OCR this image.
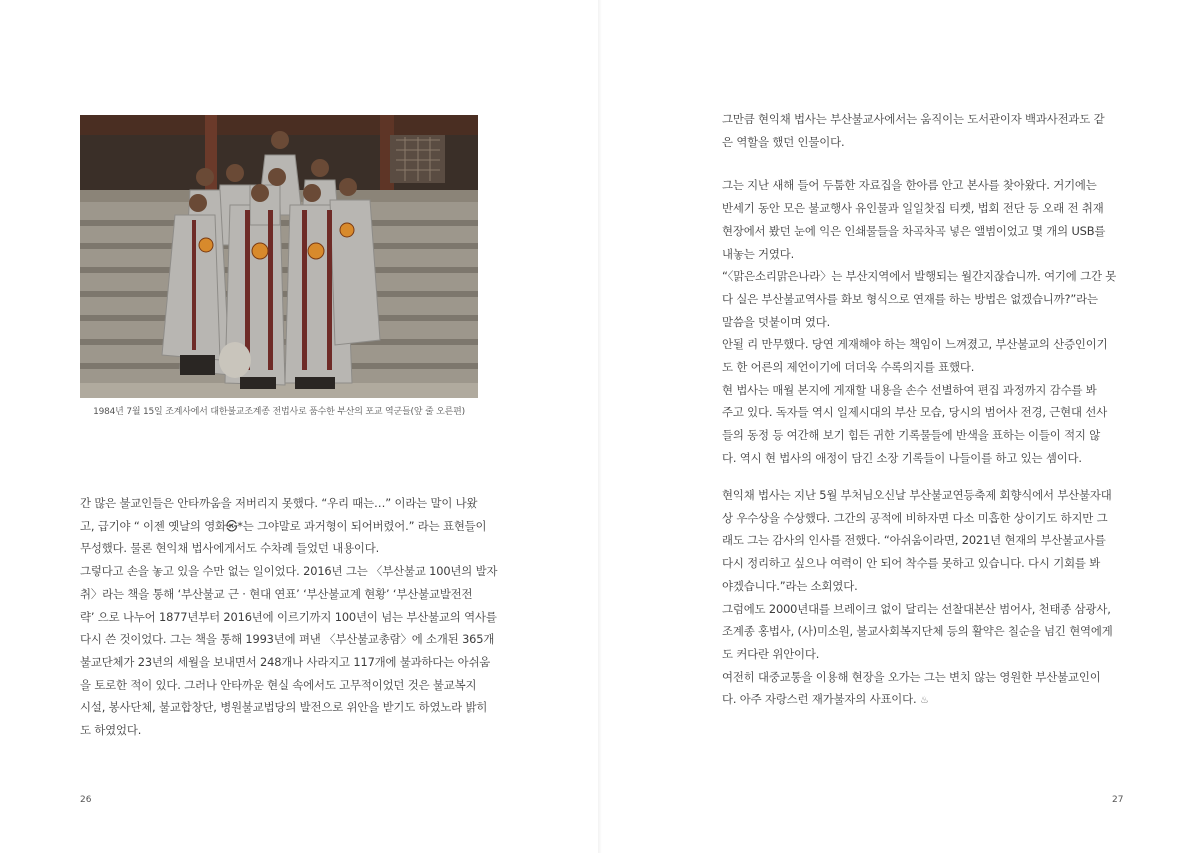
1984년 7월 15일 조계사에서 대한불교조계종 전법사로 품수한 부산의 포교 역군들(앞 줄 오른편)

간 많은 불교인들은 안타까움을 저버리지 못했다. “우리 때는…” 이라는 말이 나왔

고, 급기야 “ 이젠 옛날의 영화㉿*는 그야말로 과거형이 되어버렸어.” 라는 표현들이

무성했다. 물론 현익채 법사에게서도 수차례 들었던 내용이다.

그렇다고 손을 놓고 있을 수만 없는 일이었다. 2016년 그는 〈부산불교 100년의 발자

취〉라는 책을 통해 ‘부산불교 근 · 현대 연표’ ‘부산불교계 현황’ ‘부산불교발전전

략’ 으로 나누어 1877년부터 2016년에 이르기까지 100년이 넘는 부산불교의 역사를

다시 쓴 것이었다. 그는 책을 통해 1993년에 펴낸 〈부산불교총람〉에 소개된 365개

불교단체가 23년의 세월을 보내면서 248개나 사라지고 117개에 불과하다는 아쉬움

을 토로한 적이 있다. 그러나 안타까운 현실 속에서도 고무적이었던 것은 불교복지

시설, 봉사단체, 불교합창단, 병원불교법당의 발전으로 위안을 받기도 하였노라 밝히

도 하였었다.

26

그만큼 현익채 법사는 부산불교사에서는 움직이는 도서관이자 백과사전과도 같

은 역할을 했던 인물이다.

그는 지난 새해 들어 두툼한 자료집을 한아름 안고 본사를 찾아왔다. 거기에는

반세기 동안 모은 불교행사 유인물과 일일찻집 티켓, 법회 전단 등 오래 전 취재

현장에서 봤던 눈에 익은 인쇄물들을 차곡차곡 넣은 앨범이었고 몇 개의 USB를

내놓는 거였다.

“〈맑은소리맑은나라〉는 부산지역에서 발행되는 월간지잖습니까. 여기에 그간 못

다 실은 부산불교역사를 화보 형식으로 연재를 하는 방법은 없겠습니까?”라는

말씀을 덧붙이며 였다.

안될 리 만무했다. 당연 게재해야 하는 책임이 느껴졌고, 부산불교의 산증인이기

도 한 어른의 제언이기에 더더욱 수록의지를 표했다.

현 법사는 매월 본지에 게재할 내용을 손수 선별하여 편집 과정까지 감수를 봐

주고 있다. 독자들 역시 일제시대의 부산 모습, 당시의 범어사 전경, 근현대 선사

들의 동정 등 여간해 보기 힘든 귀한 기록물들에 반색을 표하는 이들이 적지 않

다. 역시 현 법사의 애정이 담긴 소장 기록들이 나들이를 하고 있는 셈이다.

현익채 법사는 지난 5월 부처님오신날 부산불교연등축제 회향식에서 부산불자대

상 우수상을 수상했다. 그간의 공적에 비하자면 다소 미흡한 상이기도 하지만 그

래도 그는 감사의 인사를 전했다. “아쉬움이라면, 2021년 현재의 부산불교사를

다시 정리하고 싶으나 여력이 안 되어 착수를 못하고 있습니다. 다시 기회를 봐

야겠습니다.”라는 소회였다.

그럼에도 2000년대를 브레이크 없이 달리는 선찰대본산 범어사, 천태종 삼광사,

조계종 홍법사, (사)미소원, 불교사회복지단체 등의 활약은 칠순을 넘긴 현역에게

도 커다란 위안이다.

여전히 대중교통을 이용해 현장을 오가는 그는 변치 않는 영원한 부산불교인이

다. 아주 자랑스런 재가불자의 사표이다. ♨

27
